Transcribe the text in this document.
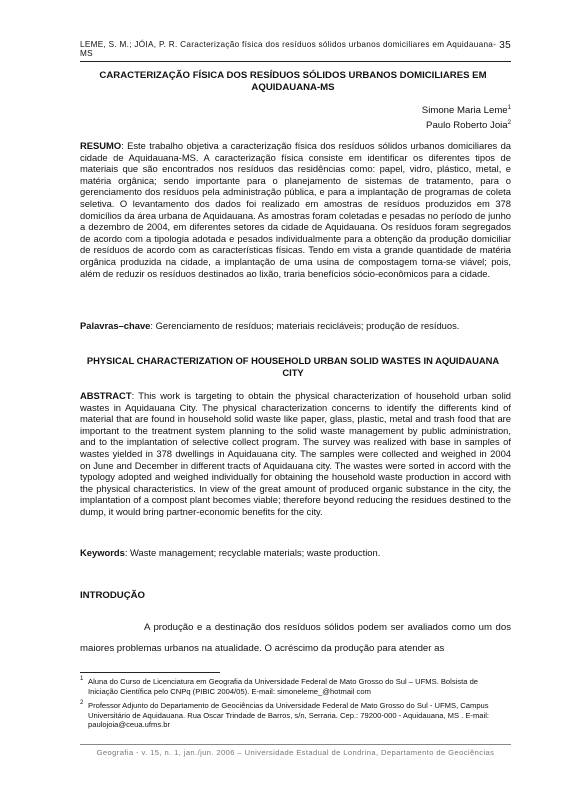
LEME, S. M.; JÓIA, P. R. Caracterização física dos resíduos sólidos urbanos domiciliares em Aquidauana-MS
35
CARACTERIZAÇÃO FÍSICA DOS RESÍDUOS SÓLIDOS URBANOS DOMICILIARES EM AQUIDAUANA-MS
Simone Maria Leme$^1$
Paulo Roberto Joia$^2$
RESUMO: Este trabalho objetiva a caracterização física dos resíduos sólidos urbanos domiciliares da cidade de Aquidauana-MS. A caracterização física consiste em identificar os diferentes tipos de materiais que são encontrados nos resíduos das residências como: papel, vidro, plástico, metal, e matéria orgânica; sendo importante para o planejamento de sistemas de tratamento, para o gerenciamento dos resíduos pela administração pública, e para a implantação de programas de coleta seletiva. O levantamento dos dados foi realizado em amostras de resíduos produzidos em 378 domicílios da área urbana de Aquidauana. As amostras foram coletadas e pesadas no período de junho a dezembro de 2004, em diferentes setores da cidade de Aquidauana. Os resíduos foram segregados de acordo com a tipologia adotada e pesados individualmente para a obtenção da produção domiciliar de resíduos de acordo com as características físicas. Tendo em vista a grande quantidade de matéria orgânica produzida na cidade, a implantação de uma usina de compostagem torna-se viável; pois, além de reduzir os resíduos destinados ao lixão, traria benefícios sócio-econômicos para a cidade.
Palavras–chave: Gerenciamento de resíduos; materiais recicláveis; produção de resíduos.
PHYSICAL CHARACTERIZATION OF HOUSEHOLD URBAN SOLID WASTES IN AQUIDAUANA CITY
ABSTRACT: This work is targeting to obtain the physical characterization of household urban solid wastes in Aquidauana City. The physical characterization concerns to identify the differents kind of material that are found in household solid waste like paper, glass, plastic, metal and trash food that are important to the treatment system planning to the solid waste management by public administration, and to the implantation of selective collect program. The survey was realized with base in samples of wastes yielded in 378 dwellings in Aquidauana city. The samples were collected and weighed in 2004 on June and December in different tracts of Aquidauana city. The wastes were sorted in accord with the typology adopted and weighed individually for obtaining the household waste production in accord with the physical characteristics. In view of the great amount of produced organic substance in the city, the implantation of a compost plant becomes viable; therefore beyond reducing the residues destined to the dump, it would bring partner-economic benefits for the city.
Keywords: Waste management; recyclable materials; waste production.
INTRODUÇÃO
A produção e a destinação dos resíduos sólidos podem ser avaliados como um dos maiores problemas urbanos na atualidade. O acréscimo da produção para atender as
1 Aluna do Curso de Licenciatura em Geografia da Universidade Federal de Mato Grosso do Sul – UFMS. Bolsista de Iniciação Científica pelo CNPq (PIBIC 2004/05). E-mail: simoneleme_@hotmail com
2 Professor Adjunto do Departamento de Geociências da Universidade Federal de Mato Grosso do Sul - UFMS, Campus Universitário de Aquidauana. Rua Oscar Trindade de Barros, s/n, Serraria. Cep.: 79200-000 - Aquidauana, MS . E-mail: paulojoia@ceua.ufms.br
Geografia - v. 15, n. 1, jan./jun. 2006 – Universidade Estadual de Londrina, Departamento de Geociências
